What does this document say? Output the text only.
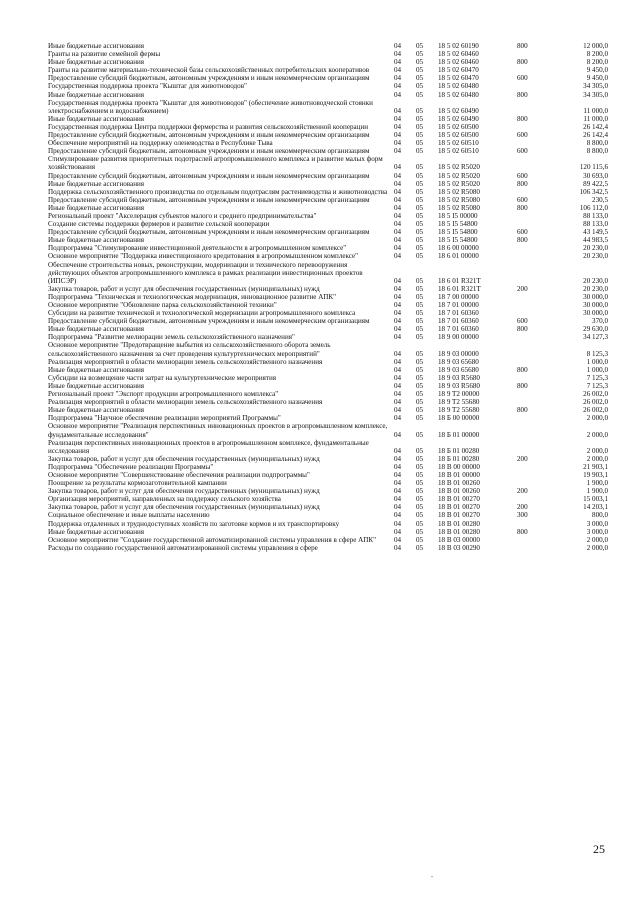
Иные бюджетные ассигнования	04	05	18 5 02 60190	800	12 000,0
Гранты на развитие семейной фермы	04	05	18 5 02 60460		8 200,0
Иные бюджетные ассигнования	04	05	18 5 02 60460	800	8 200,0
Гранты на развитие материально-технической базы сельскохозяйственных потребительских кооперативов	04	05	18 5 02 60470		9 450,0
Предоставление субсидий бюджетным, автономным учреждениям и иным некоммерческим организациям	04	05	18 5 02 60470	600	9 450,0
Государственная поддержка проекта "Кыштаг для животноводов"	04	05	18 5 02 60480		34 305,0
Иные бюджетные ассигнования	04	05	18 5 02 60480	800	34 305,0
Государственная поддержка проекта "Кыштаг для животноводов" (обеспечение животноводческой стоянки электроснабжением и водоснабжением)	04	05	18 5 02 60490		11 000,0
Иные бюджетные ассигнования	04	05	18 5 02 60490	800	11 000,0
Государственная поддержка Центра поддержки фермерства и развития сельскохозяйственной кооперации	04	05	18 5 02 60500		26 142,4
Предоставление субсидий бюджетным, автономным учреждениям и иным некоммерческим организациям	04	05	18 5 02 60500	600	26 142,4
Обеспечение мероприятий на поддержку оленеводства в Республике Тыва	04	05	18 5 02 60510		8 800,0
Предоставление субсидий бюджетным, автономным учреждениям и иным некоммерческим организациям	04	05	18 5 02 60510	600	8 800,0
Стимулирование развития приоритетных подотраслей агропромышленного комплекса и развитие малых форм хозяйствования	04	05	18 5 02 R5020		120 115,6
Предоставление субсидий бюджетным, автономным учреждениям и иным некоммерческим организациям	04	05	18 5 02 R5020	600	30 693,0
Иные бюджетные ассигнования	04	05	18 5 02 R5020	800	89 422,5
Поддержка сельскохозяйственного производства по отдельным подотраслям растениеводства и животноводства	04	05	18 5 02 R5080		106 342,5
Предоставление субсидий бюджетным, автономным учреждениям и иным некоммерческим организациям	04	05	18 5 02 R5080	600	230,5
Иные бюджетные ассигнования	04	05	18 5 02 R5080	800	106 112,0
Региональный проект "Акселерация субъектов малого и среднего предпринимательства"	04	05	18 5 I5 00000		88 133,0
Создание системы поддержки фермеров и развитие сельской кооперации	04	05	18 5 I5 54800		88 133,0
Предоставление субсидий бюджетным, автономным учреждениям и иным некоммерческим организациям	04	05	18 5 I5 54800	600	43 149,5
Иные бюджетные ассигнования	04	05	18 5 I5 54800	800	44 983,5
Подпрограмма "Стимулирование инвестиционной деятельности в агропромышленном комплексе"	04	05	18 6 00 00000		20 230,0
Основное мероприятие "Поддержка инвестиционного кредитования в агропромышленном комплексе"	04	05	18 6 01 00000		20 230,0
Обеспечение строительства новых, реконструкции, модернизации и технического перевооружения действующих объектов агропромышленного комплекса в рамках реализации инвестиционных проектов (ИПСЭР)	04	05	18 6 01 R321Т		20 230,0
Закупка товаров, работ и услуг для обеспечения государственных (муниципальных) нужд	04	05	18 6 01 R321Т	200	20 230,0
Подпрограмма "Техническая и технологическая модернизация, инновационное развитие АПК"	04	05	18 7 00 00000		30 000,0
Основное мероприятие "Обновление парка сельскохозяйственной техники"	04	05	18 7 01 00000		30 000,0
Субсидии на развитие технической и технологической модернизации агропромышленного комплекса	04	05	18 7 01 60360		30 000,0
Предоставление субсидий бюджетным, автономным учреждениям и иным некоммерческим организациям	04	05	18 7 01 60360	600	370,0
Иные бюджетные ассигнования	04	05	18 7 01 60360	800	29 630,0
Подпрограмма "Развитие мелиорации земель сельскохозяйственного назначения"	04	05	18 9 00 00000		34 127,3
Основное мероприятие "Предотвращение выбытия из сельскохозяйственного оборота земель сельскохозяйственного назначения за счет проведения культуртехнических мероприятий"	04	05	18 9 03 00000		8 125,3
Реализация мероприятий в области мелиорации земель сельскохозяйственного назначения	04	05	18 9 03 65680		1 000,0
Иные бюджетные ассигнования	04	05	18 9 03 65680	800	1 000,0
Субсидии на возмещение части затрат на культуртехнические мероприятия	04	05	18 9 03 R5680		7 125,3
Иные бюджетные ассигнования	04	05	18 9 03 R5680	800	7 125,3
Региональный проект "Экспорт продукции агропромышленного комплекса"	04	05	18 9 T2 00000		26 002,0
Реализация мероприятий в области мелиорации земель сельскохозяйственного назначения	04	05	18 9 T2 55680		26 002,0
Иные бюджетные ассигнования	04	05	18 9 T2 55680	800	26 002,0
Подпрограмма "Научное обеспечение реализации мероприятий Программы"	04	05	18 Б 00 00000		2 000,0
Основное мероприятие "Реализация перспективных инновационных проектов в агропромышленном комплексе, фундаментальные исследования"	04	05	18 Б 01 00000		2 000,0
Реализация перспективных инновационных проектов в агропромышленном комплексе, фундаментальные исследования	04	05	18 Б 01 00280		2 000,0
Закупка товаров, работ и услуг для обеспечения государственных (муниципальных) нужд	04	05	18 Б 01 00280	200	2 000,0
Подпрограмма "Обеспечение реализации Программы"	04	05	18 В 00 00000		21 903,1
Основное мероприятие "Совершенствование обеспечения реализации подпрограммы"	04	05	18 В 01 00000		19 903,1
Поощрение за результаты кормозаготовительной кампании	04	05	18 В 01 00260		1 900,0
Закупка товаров, работ и услуг для обеспечения государственных (муниципальных) нужд	04	05	18 В 01 00260	200	1 900,0
Организация мероприятий, направленных на поддержку сельского хозяйства	04	05	18 В 01 00270		15 003,1
Закупка товаров, работ и услуг для обеспечения государственных (муниципальных) нужд	04	05	18 В 01 00270	200	14 203,1
Социальное обеспечение и иные выплаты населению	04	05	18 В 01 00270	300	800,0
Поддержка отдаленных и труднодоступных хозяйств по заготовке кормов и их транспортировку	04	05	18 В 01 00280		3 000,0
Иные бюджетные ассигнования	04	05	18 В 01 00280	800	3 000,0
Основное мероприятие "Создание государственной автоматизированной системы управления в сфере АПК"	04	05	18 В 03 00000		2 000,0
Расходы по созданию государственной автоматизированной системы управления в сфере	04	05	18 В 03 00290		2 000,0
25
.
